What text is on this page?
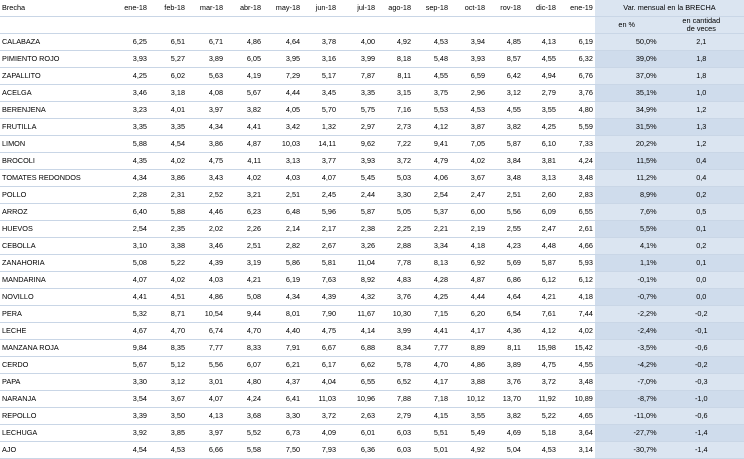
Brecha	ene-18	feb-18	mar-18	abr-18	may-18	jun-18	jul-18	ago-18	sep-18	oct-18	rov-18	dic-18	ene-19	Var. mensual en la BRECHA	
														en %	en cantidad
de veces

CALABAZA	6,25	6,51	6,71	4,86	4,64	3,78	4,00	4,92	4,53	3,94	4,85	4,13	6,19	50,0%	2,1
PIMIENTO ROJO	3,93	5,27	3,89	6,05	3,95	3,16	3,99	8,18	5,48	3,93	8,57	4,55	6,32	39,0%	1,8
ZAPALLITO	4,25	6,02	5,63	4,19	7,29	5,17	7,87	8,11	4,55	6,59	6,42	4,94	6,76	37,0%	1,8
ACELGA	3,46	3,18	4,08	5,67	4,44	3,45	3,35	3,15	3,75	2,96	3,12	2,79	3,76	35,1%	1,0
BERENJENA	3,23	4,01	3,97	3,82	4,05	5,70	5,75	7,16	5,53	4,53	4,55	3,55	4,80	34,9%	1,2
FRUTILLA	3,35	3,35	4,34	4,41	3,42	1,32	2,97	2,73	4,12	3,87	3,82	4,25	5,59	31,5%	1,3
LIMON	5,88	4,54	3,86	4,87	10,03	14,11	9,62	7,22	9,41	7,05	5,87	6,10	7,33	20,2%	1,2
BROCOLI	4,35	4,02	4,75	4,11	3,13	3,77	3,93	3,72	4,79	4,02	3,84	3,81	4,24	11,5%	0,4
TOMATES REDONDOS	4,34	3,86	3,43	4,02	4,03	4,07	5,45	5,03	4,06	3,67	3,48	3,13	3,48	11,2%	0,4
POLLO	2,28	2,31	2,52	3,21	2,51	2,45	2,44	3,30	2,54	2,47	2,51	2,60	2,83	8,9%	0,2
ARROZ	6,40	5,88	4,46	6,23	6,48	5,96	5,87	5,05	5,37	6,00	5,56	6,09	6,55	7,6%	0,5
HUEVOS	2,54	2,35	2,02	2,26	2,14	2,17	2,38	2,25	2,21	2,19	2,55	2,47	2,61	5,5%	0,1
CEBOLLA	3,10	3,38	3,46	2,51	2,82	2,67	3,26	2,88	3,34	4,18	4,23	4,48	4,66	4,1%	0,2
ZANAHORIA	5,08	5,22	4,39	3,19	5,86	5,81	11,04	7,78	8,13	6,92	5,69	5,87	5,93	1,1%	0,1
MANDARINA	4,07	4,02	4,03	4,21	6,19	7,63	8,92	4,83	4,28	4,87	6,86	6,12	6,12	-0,1%	0,0
NOVILLO	4,41	4,51	4,86	5,08	4,34	4,39	4,32	3,76	4,25	4,44	4,64	4,21	4,18	-0,7%	0,0
PERA	5,32	8,71	10,54	9,44	8,01	7,90	11,67	10,30	7,15	6,20	6,54	7,61	7,44	-2,2%	-0,2
LECHE	4,67	4,70	6,74	4,70	4,40	4,75	4,14	3,99	4,41	4,17	4,36	4,12	4,02	-2,4%	-0,1
MANZANA ROJA	9,84	8,35	7,77	8,33	7,91	6,67	6,88	8,34	7,77	8,89	8,11	15,98	15,42	-3,5%	-0,6
CERDO	5,67	5,12	5,56	6,07	6,21	6,17	6,62	5,78	4,70	4,86	3,89	4,75	4,55	-4,2%	-0,2
PAPA	3,30	3,12	3,01	4,80	4,37	4,04	6,55	6,52	4,17	3,88	3,76	3,72	3,48	-7,0%	-0,3
NARANJA	3,54	3,67	4,07	4,24	6,41	11,03	10,96	7,88	7,18	10,12	13,70	11,92	10,89	-8,7%	-1,0
REPOLLO	3,39	3,50	4,13	3,68	3,30	3,72	2,63	2,79	4,15	3,55	3,82	5,22	4,65	-11,0%	-0,6
LECHUGA	3,92	3,85	3,97	5,52	6,73	4,09	6,01	6,03	5,51	5,49	4,69	5,18	3,64	-27,7%	-1,4
AJO	4,54	4,53	6,66	5,58	7,50	7,93	6,36	6,03	5,01	4,92	5,04	4,53	3,14	-30,7%	-1,4
